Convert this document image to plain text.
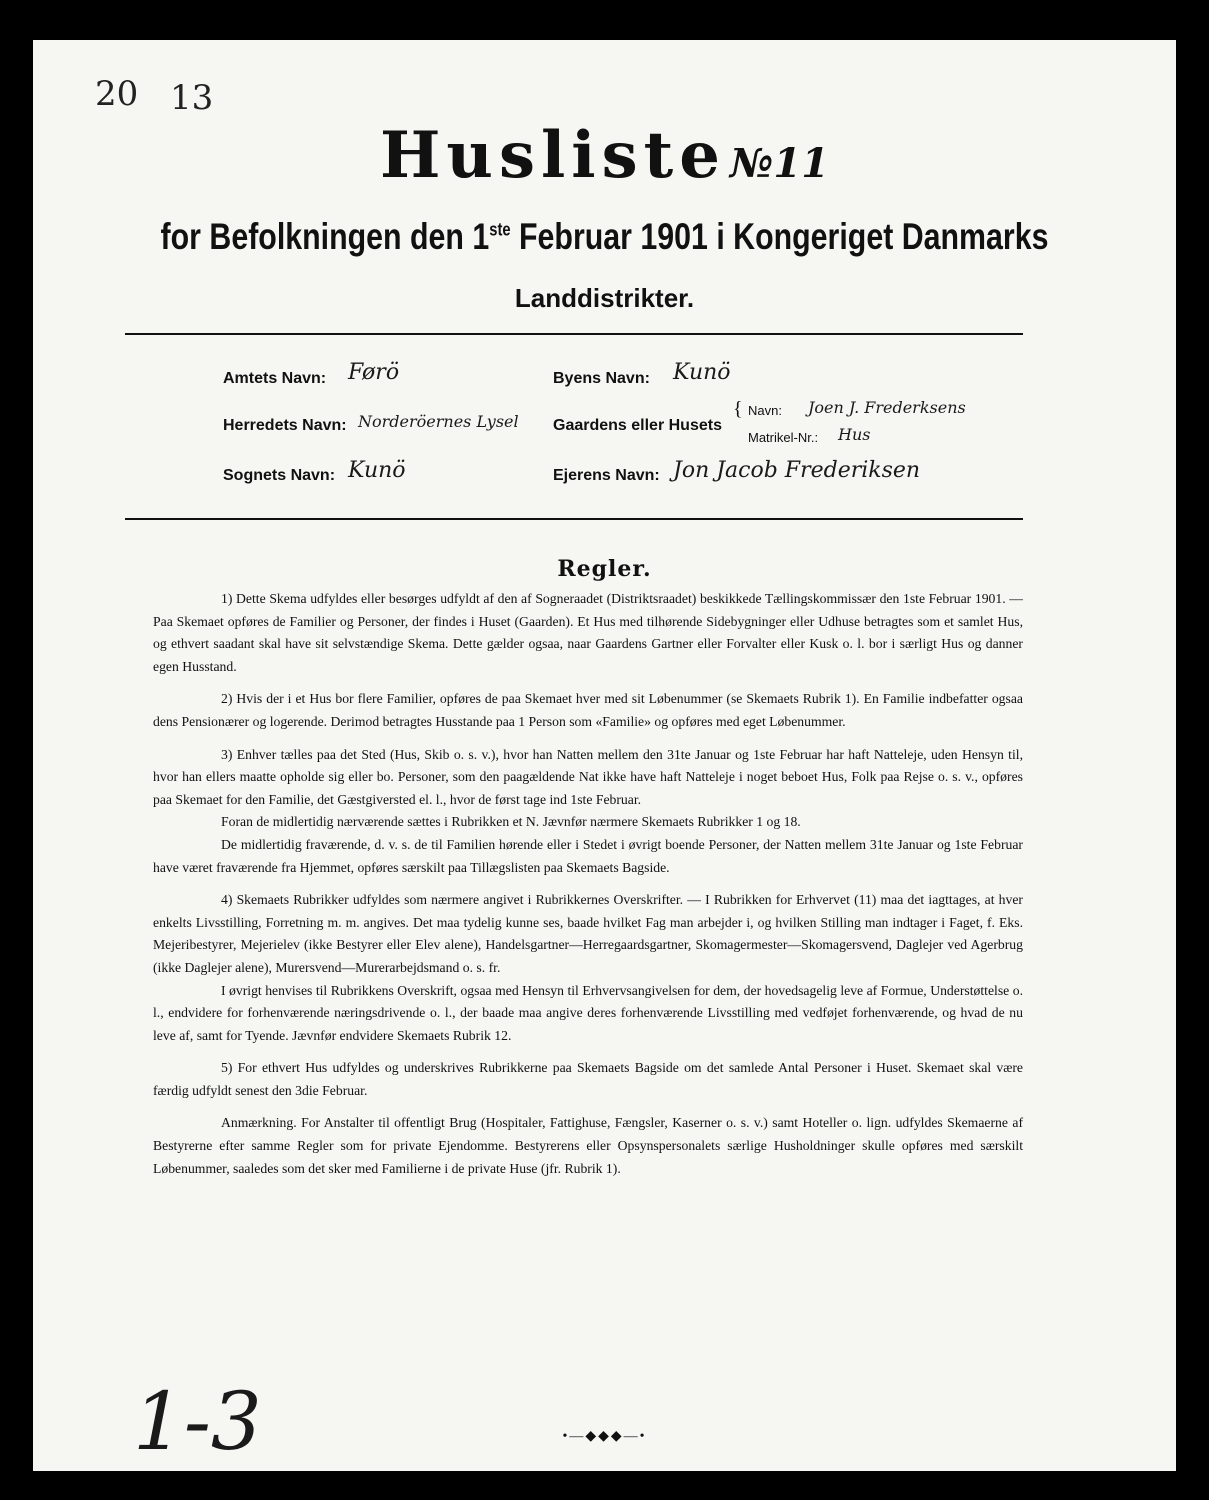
20 13
Husliste №11
for Befolkningen den 1ste Februar 1901 i Kongeriget Danmarks
Landdistrikter.
Amtets Navn: Førö	Byens Navn: Kunö
Herredets Navn: Norderöernes Lysel Gaardens eller Husets
{ Navn: Joen J. Frederksens
Matrikel-Nr.: Hus
Sognets Navn: Kunö	Ejerens Navn: Jon Jacob Frederiksen
Regler.

1) Dette Skema udfyldes eller besørges udfyldt af den af Sogneraadet (Distriktsraadet) beskikkede Tællingskommissær den 1ste Februar 1901. — Paa Skemaet opføres de Familier og Personer, der findes i Huset (Gaarden). Et Hus med tilhørende Sidebygninger eller Udhuse betragtes som et samlet Hus, og ethvert saadant skal have sit selvstændige Skema. Dette gælder ogsaa, naar Gaardens Gartner eller Forvalter eller Kusk o. l. bor i særligt Hus og danner egen Husstand.

2) Hvis der i et Hus bor flere Familier, opføres de paa Skemaet hver med sit Løbenummer (se Skemaets Rubrik 1). En Familie indbefatter ogsaa dens Pensionærer og logerende. Derimod betragtes Husstande paa 1 Person som «Familie» og opføres med eget Løbenummer.

3) Enhver tælles paa det Sted (Hus, Skib o. s. v.), hvor han Natten mellem den 31te Januar og 1ste Februar har haft Natteleje, uden Hensyn til, hvor han ellers maatte opholde sig eller bo. Personer, som den paagældende Nat ikke have haft Natteleje i noget beboet Hus, Folk paa Rejse o. s. v., opføres paa Skemaet for den Familie, det Gæstgiversted el. l., hvor de først tage ind 1ste Februar.

Foran de midlertidig nærværende sættes i Rubrikken et N. Jævnfør nærmere Skemaets Rubrikker 1 og 18.

De midlertidig fraværende, d. v. s. de til Familien hørende eller i Stedet i øvrigt boende Personer, der Natten mellem 31te Januar og 1ste Februar have været fraværende fra Hjemmet, opføres særskilt paa Tillægslisten paa Skemaets Bagside.

4) Skemaets Rubrikker udfyldes som nærmere angivet i Rubrikkernes Overskrifter. — I Rubrikken for Erhvervet (11) maa det iagttages, at hver enkelts Livsstilling, Forretning m. m. angives. Det maa tydelig kunne ses, baade hvilket Fag man arbejder i, og hvilken Stilling man indtager i Faget, f. Eks. Mejeribestyrer, Mejerielev (ikke Bestyrer eller Elev alene), Handelsgartner—Herregaardsgartner, Skomagermester—Skomagersvend, Daglejer ved Agerbrug (ikke Daglejer alene), Murersvend—Murerarbejdsmand o. s. fr.

I øvrigt henvises til Rubrikkens Overskrift, ogsaa med Hensyn til Erhvervsangivelsen for dem, der hovedsagelig leve af Formue, Understøttelse o. l., endvidere for forhenværende næringsdrivende o. l., der baade maa angive deres forhenværende Livsstilling med vedføjet forhenværende, og hvad de nu leve af, samt for Tyende. Jævnfør endvidere Skemaets Rubrik 12.

5) For ethvert Hus udfyldes og underskrives Rubrikkerne paa Skemaets Bagside om det samlede Antal Personer i Huset. Skemaet skal være færdig udfyldt senest den 3die Februar.

Anmærkning. For Anstalter til offentligt Brug (Hospitaler, Fattighuse, Fængsler, Kaserner o. s. v.) samt Hoteller o. lign. udfyldes Skemaerne af Bestyrerne efter samme Regler som for private Ejendomme. Bestyrerens eller Opsynspersonalets særlige Husholdninger skulle opføres med særskilt Løbenummer, saaledes som det sker med Familierne i de private Huse (jfr. Rubrik 1).

•—◆◆◆—•
1-3
